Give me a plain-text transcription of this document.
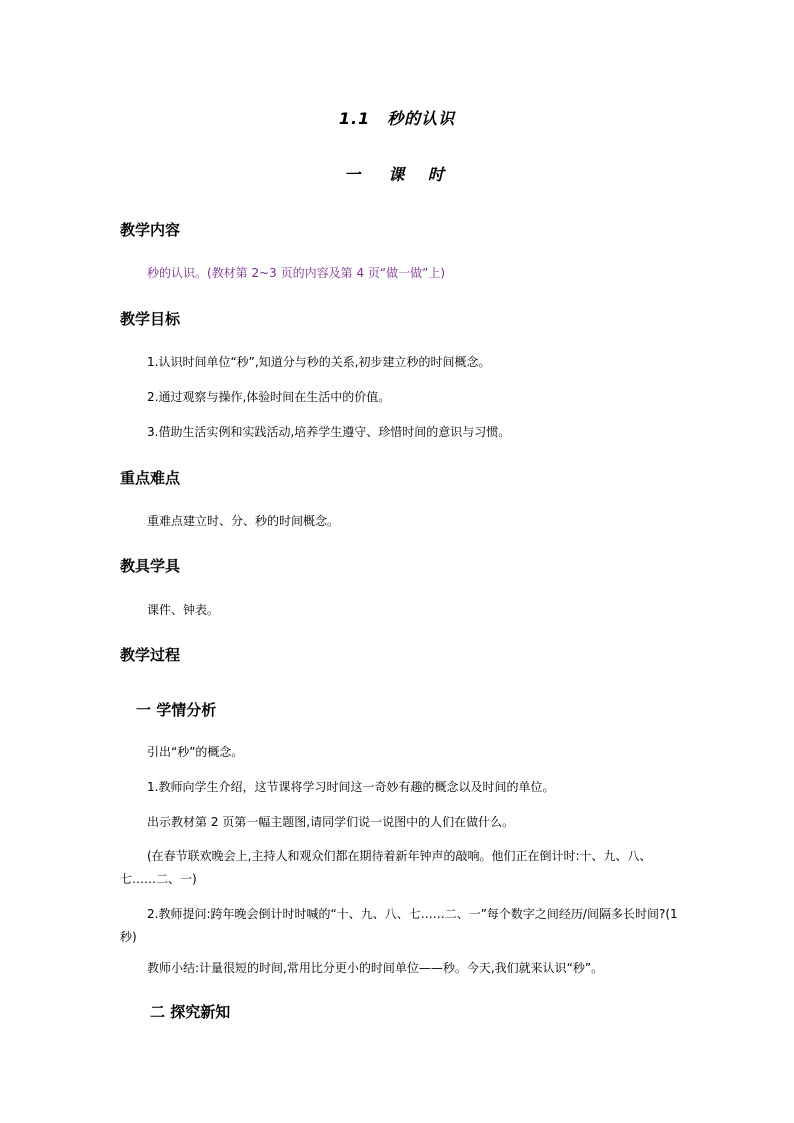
1.1　秒的认识
一　课 时
教学内容
秒的认识。(教材第 2~3 页的内容及第 4 页“做一做”上)
教学目标
1.认识时间单位“秒”,知道分与秒的关系,初步建立秒的时间概念。
2.通过观察与操作,体验时间在生活中的价值。
3.借助生活实例和实践活动,培养学生遵守、珍惜时间的意识与习惯。
重点难点
重难点建立时、分、秒的时间概念。
教具学具
课件、钟表。
教学过程
一 学情分析
引出“秒”的概念。
1.教师向学生介绍，这节课将学习时间这一奇妙有趣的概念以及时间的单位。
出示教材第 2 页第一幅主题图,请同学们说一说图中的人们在做什么。
(在春节联欢晚会上,主持人和观众们都在期待着新年钟声的敲响。他们正在倒计时:十、九、八、七……二、一)
2.教师提问:跨年晚会倒计时时喊的“十、九、八、七……二、一”每个数字之间经历/间隔多长时间?(1 秒)
教师小结:计量很短的时间,常用比分更小的时间单位——秒。今天,我们就来认识“秒”。
二 探究新知
